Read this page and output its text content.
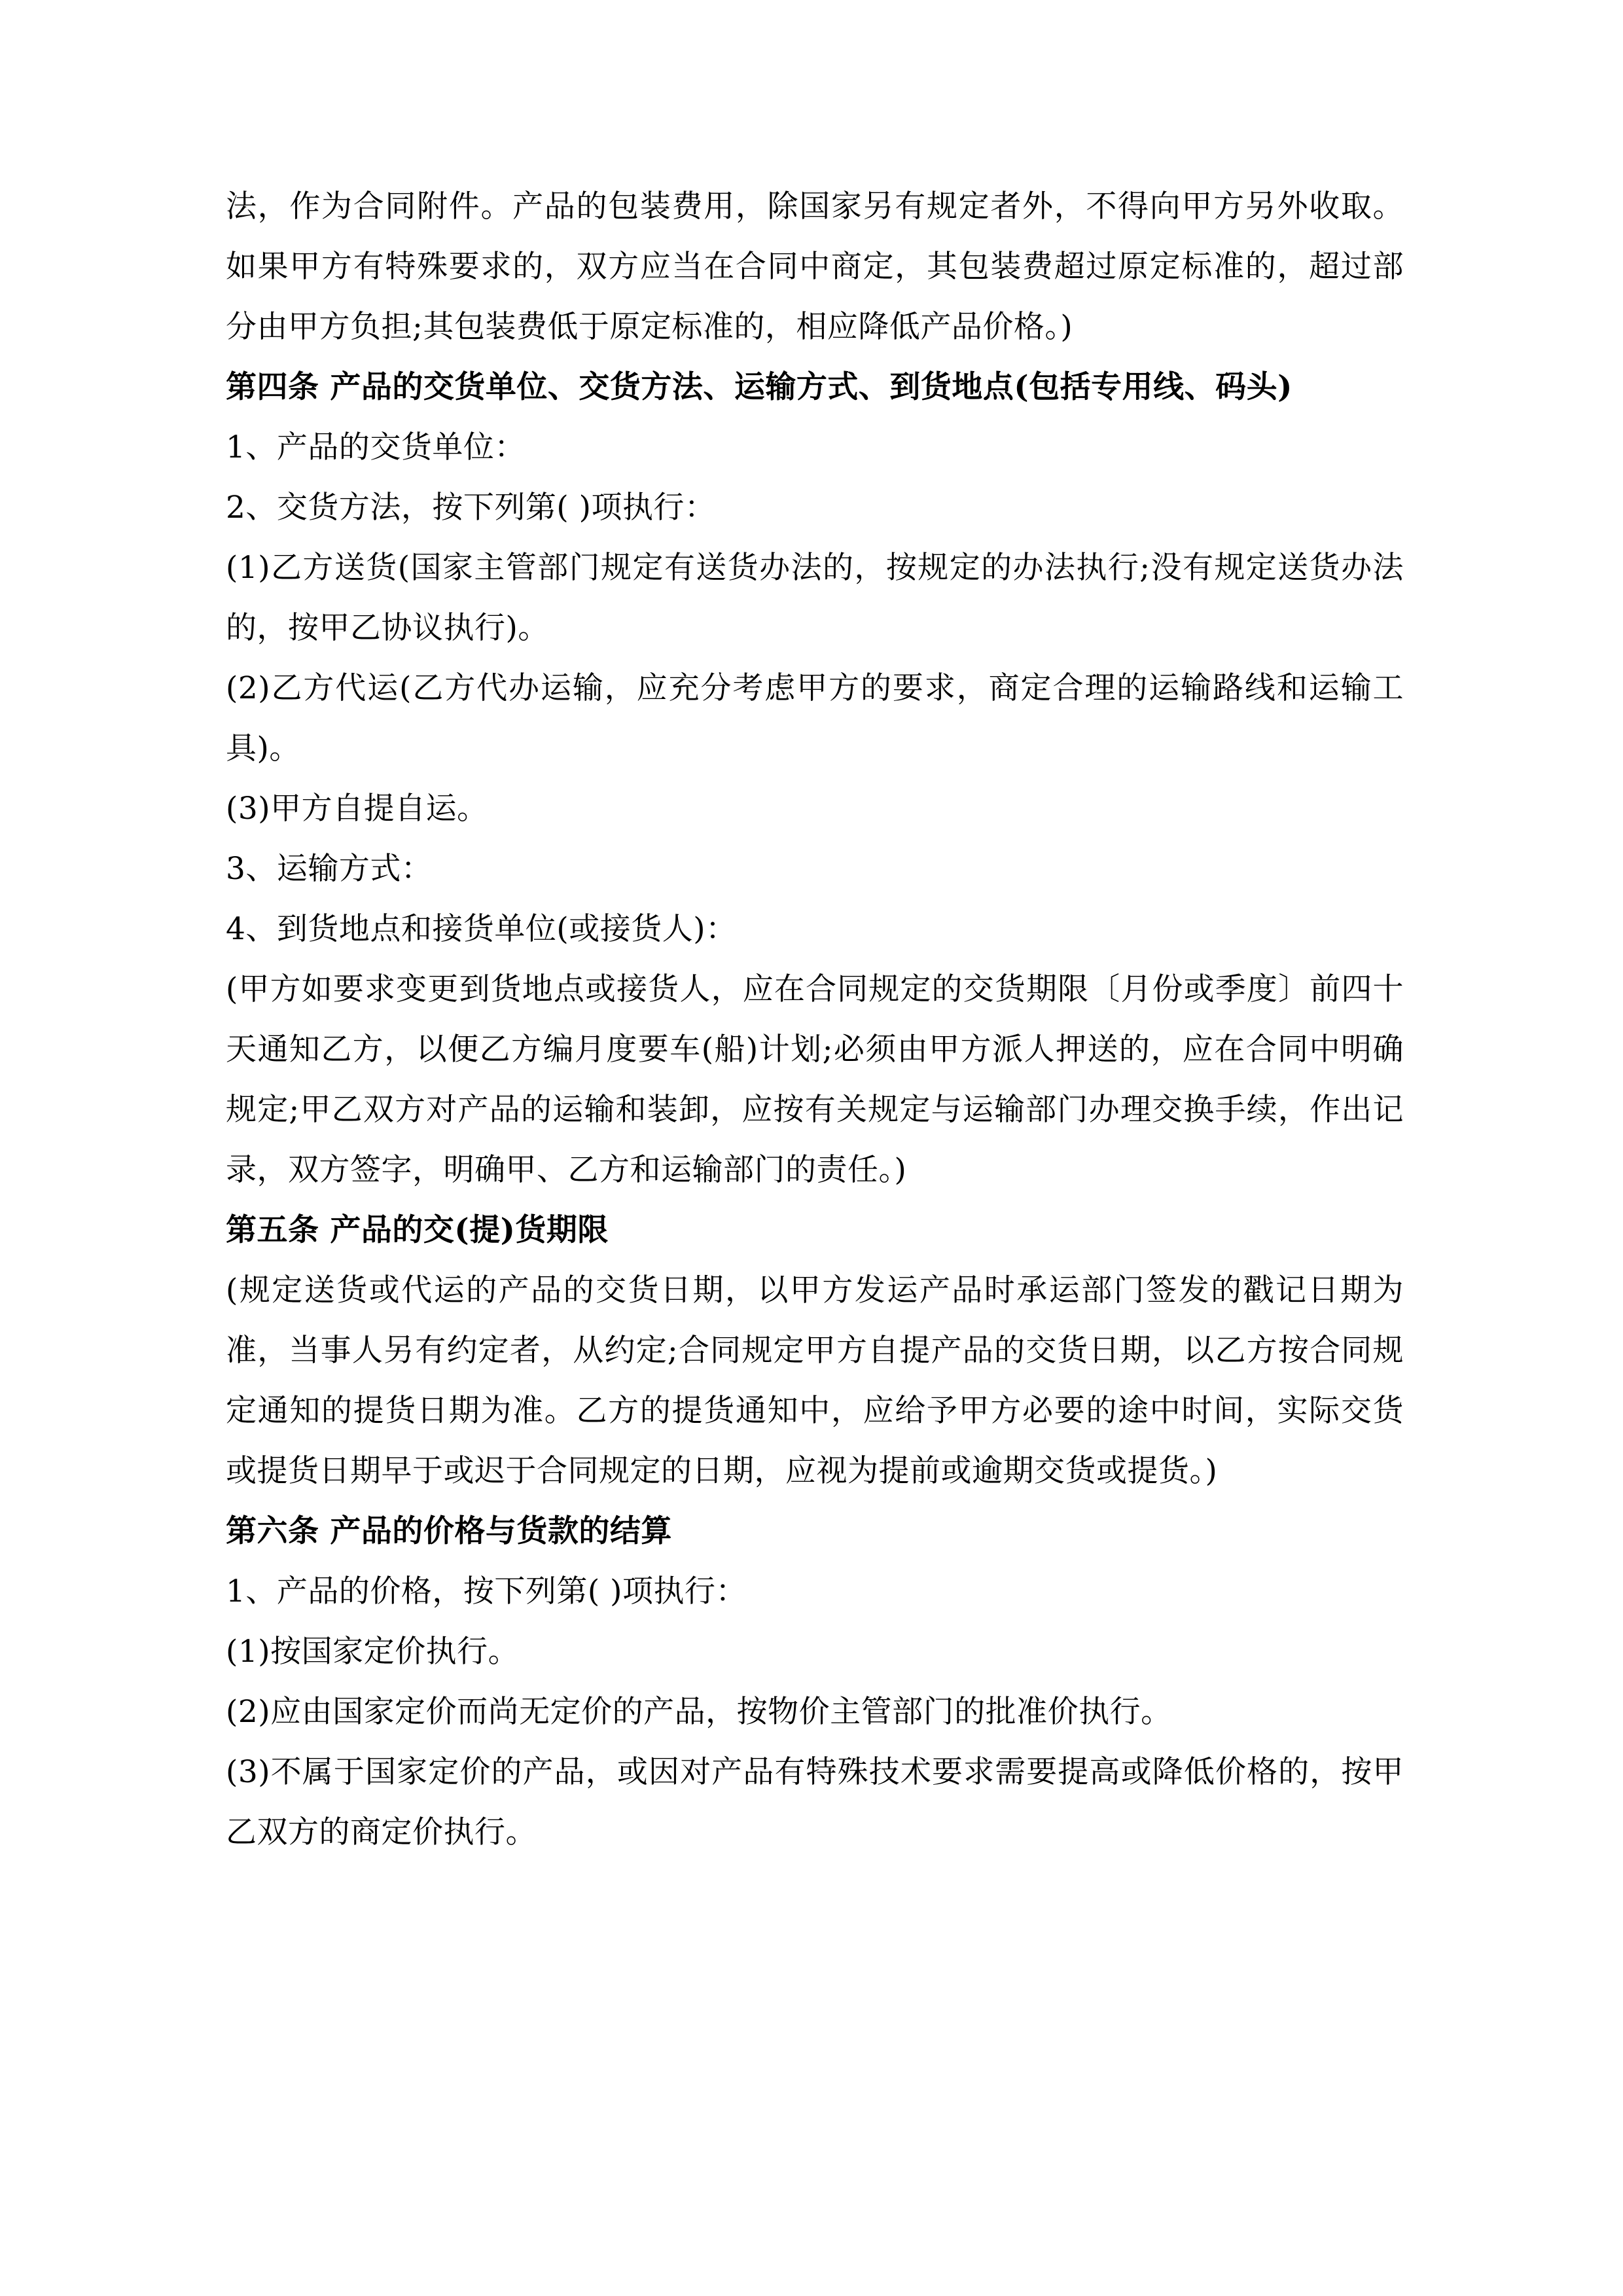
法，作为合同附件。产品的包装费用，除国家另有规定者外，不得向甲方另外收取。如果甲方有特殊要求的，双方应当在合同中商定，其包装费超过原定标准的，超过部分由甲方负担;其包装费低于原定标准的，相应降低产品价格。)

第四条 产品的交货单位、交货方法、运输方式、到货地点(包括专用线、码头)

1、产品的交货单位：

2、交货方法，按下列第( )项执行：

(1)乙方送货(国家主管部门规定有送货办法的，按规定的办法执行;没有规定送货办法的，按甲乙协议执行)。

(2)乙方代运(乙方代办运输，应充分考虑甲方的要求，商定合理的运输路线和运输工具)。

(3)甲方自提自运。

3、运输方式：

4、到货地点和接货单位(或接货人)：

(甲方如要求变更到货地点或接货人，应在合同规定的交货期限〔月份或季度〕前四十天通知乙方，以便乙方编月度要车(船)计划;必须由甲方派人押送的，应在合同中明确规定;甲乙双方对产品的运输和装卸，应按有关规定与运输部门办理交换手续，作出记录，双方签字，明确甲、乙方和运输部门的责任。)

第五条 产品的交(提)货期限

(规定送货或代运的产品的交货日期，以甲方发运产品时承运部门签发的戳记日期为准，当事人另有约定者，从约定;合同规定甲方自提产品的交货日期，以乙方按合同规定通知的提货日期为准。乙方的提货通知中，应给予甲方必要的途中时间，实际交货或提货日期早于或迟于合同规定的日期，应视为提前或逾期交货或提货。)

第六条 产品的价格与货款的结算

1、产品的价格，按下列第( )项执行：

(1)按国家定价执行。

(2)应由国家定价而尚无定价的产品，按物价主管部门的批准价执行。

(3)不属于国家定价的产品，或因对产品有特殊技术要求需要提高或降低价格的，按甲乙双方的商定价执行。
